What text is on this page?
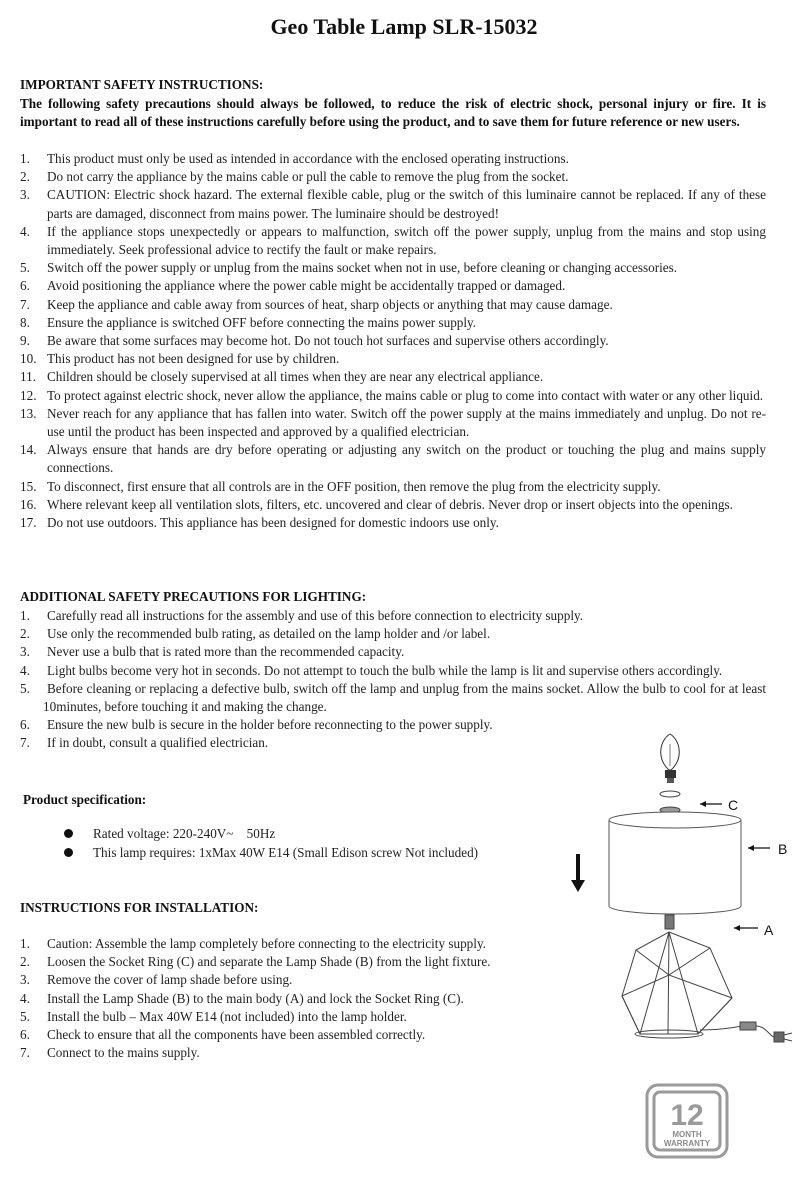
Geo Table Lamp SLR-15032
IMPORTANT SAFETY INSTRUCTIONS:
The following safety precautions should always be followed, to reduce the risk of electric shock, personal injury or fire. It is important to read all of these instructions carefully before using the product, and to save them for future reference or new users.
1. This product must only be used as intended in accordance with the enclosed operating instructions.
2. Do not carry the appliance by the mains cable or pull the cable to remove the plug from the socket.
3. CAUTION: Electric shock hazard. The external flexible cable, plug or the switch of this luminaire cannot be replaced. If any of these parts are damaged, disconnect from mains power. The luminaire should be destroyed!
4. If the appliance stops unexpectedly or appears to malfunction, switch off the power supply, unplug from the mains and stop using immediately. Seek professional advice to rectify the fault or make repairs.
5. Switch off the power supply or unplug from the mains socket when not in use, before cleaning or changing accessories.
6. Avoid positioning the appliance where the power cable might be accidentally trapped or damaged.
7. Keep the appliance and cable away from sources of heat, sharp objects or anything that may cause damage.
8. Ensure the appliance is switched OFF before connecting the mains power supply.
9. Be aware that some surfaces may become hot. Do not touch hot surfaces and supervise others accordingly.
10. This product has not been designed for use by children.
11. Children should be closely supervised at all times when they are near any electrical appliance.
12. To protect against electric shock, never allow the appliance, the mains cable or plug to come into contact with water or any other liquid.
13. Never reach for any appliance that has fallen into water. Switch off the power supply at the mains immediately and unplug. Do not re-use until the product has been inspected and approved by a qualified electrician.
14. Always ensure that hands are dry before operating or adjusting any switch on the product or touching the plug and mains supply connections.
15. To disconnect, first ensure that all controls are in the OFF position, then remove the plug from the electricity supply.
16. Where relevant keep all ventilation slots, filters, etc. uncovered and clear of debris. Never drop or insert objects into the openings.
17. Do not use outdoors. This appliance has been designed for domestic indoors use only.
ADDITIONAL SAFETY PRECAUTIONS FOR LIGHTING:
1. Carefully read all instructions for the assembly and use of this before connection to electricity supply.
2. Use only the recommended bulb rating, as detailed on the lamp holder and /or label.
3. Never use a bulb that is rated more than the recommended capacity.
4. Light bulbs become very hot in seconds. Do not attempt to touch the bulb while the lamp is lit and supervise others accordingly.
5. Before cleaning or replacing a defective bulb, switch off the lamp and unplug from the mains socket. Allow the bulb to cool for at least 10minutes, before touching it and making the change.
6. Ensure the new bulb is secure in the holder before reconnecting to the power supply.
7. If in doubt, consult a qualified electrician.
Product specification:
Rated voltage: 220-240V~    50Hz
This lamp requires: 1xMax 40W E14 (Small Edison screw Not included)
INSTRUCTIONS FOR INSTALLATION:
1. Caution: Assemble the lamp completely before connecting to the electricity supply.
2. Loosen the Socket Ring (C) and separate the Lamp Shade (B) from the light fixture.
3. Remove the cover of lamp shade before using.
4. Install the Lamp Shade (B) to the main body (A) and lock the Socket Ring (C).
5. Install the bulb – Max 40W E14 (not included) into the lamp holder.
6. Check to ensure that all the components have been assembled correctly.
7. Connect to the mains supply.
C
B
A
12
MONTH
WARRANTY
